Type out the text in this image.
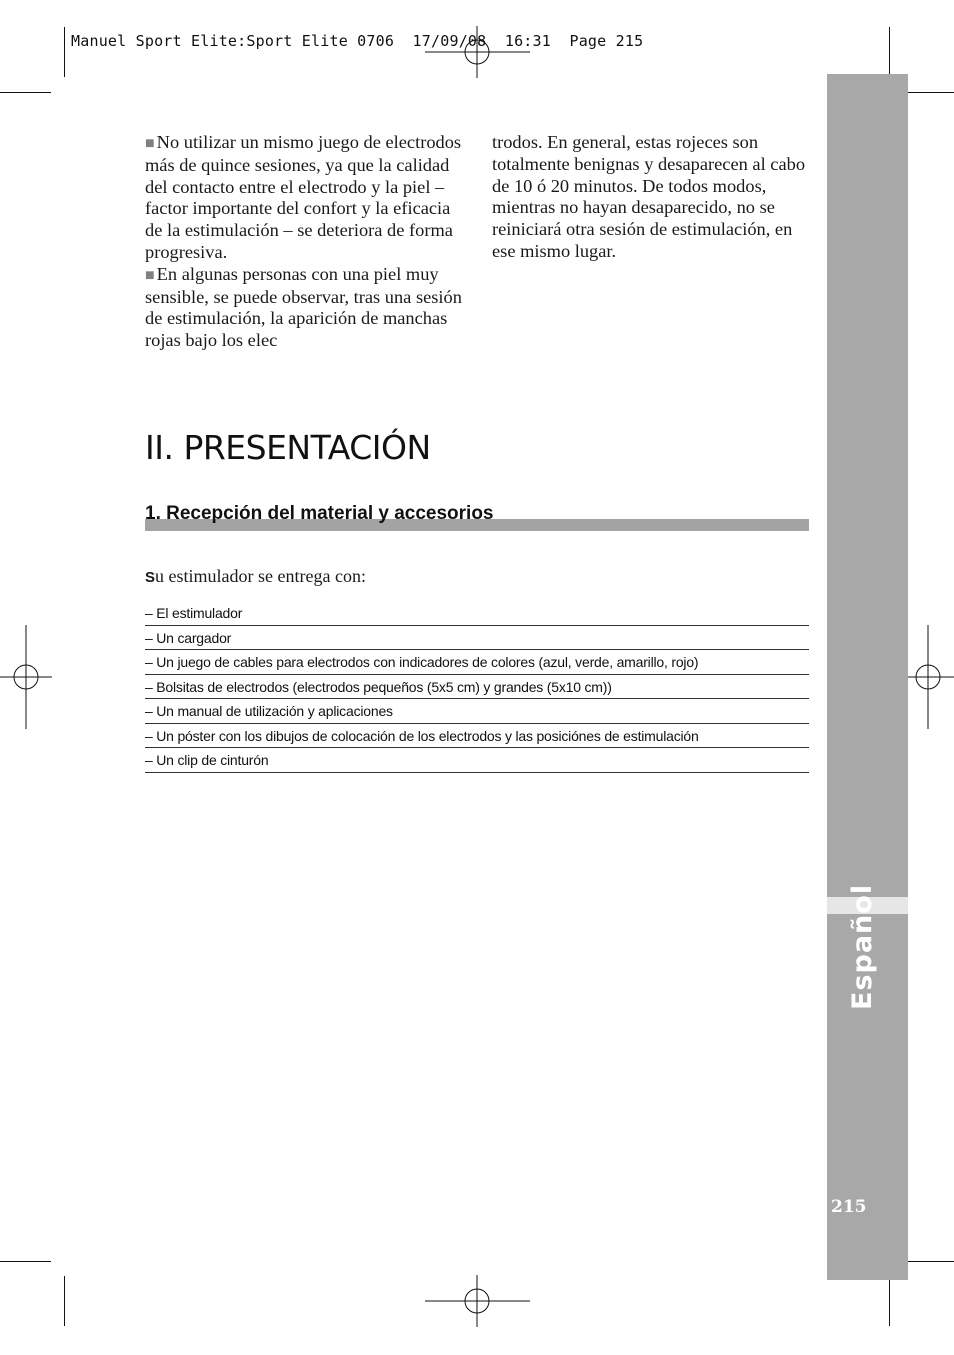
Manuel Sport Elite:Sport Elite 0706  17/09/08  16:31  Page 215
Español
215

■ No utilizar un mismo juego de electrodos más de quince sesiones, ya que la calidad del contacto entre el electrodo y la piel – factor importante del confort y la eficacia de la estimulación – se deteriora de forma progresiva.

■ En algunas personas con una piel muy sensible, se puede observar, tras una sesión de estimulación, la aparición de manchas rojas bajo los elec

trodos. En general, estas rojeces son totalmente benignas y desaparecen al cabo de 10 ó 20 minutos. De todos modos, mientras no hayan desaparecido, no se reiniciará otra sesión de estimulación, en ese mismo lugar.

II. PRESENTACIÓN
1. Recepción del material y accesorios
Su estimulador se entrega con:
– El estimulador
– Un cargador
– Un juego de cables para electrodos con indicadores de colores (azul, verde, amarillo, rojo)
– Bolsitas de electrodos (electrodos pequeños (5x5 cm) y grandes (5x10 cm))
– Un manual de utilización y aplicaciones
– Un póster con los dibujos de colocación de los electrodos y las posiciónes de estimulación
– Un clip de cinturón
